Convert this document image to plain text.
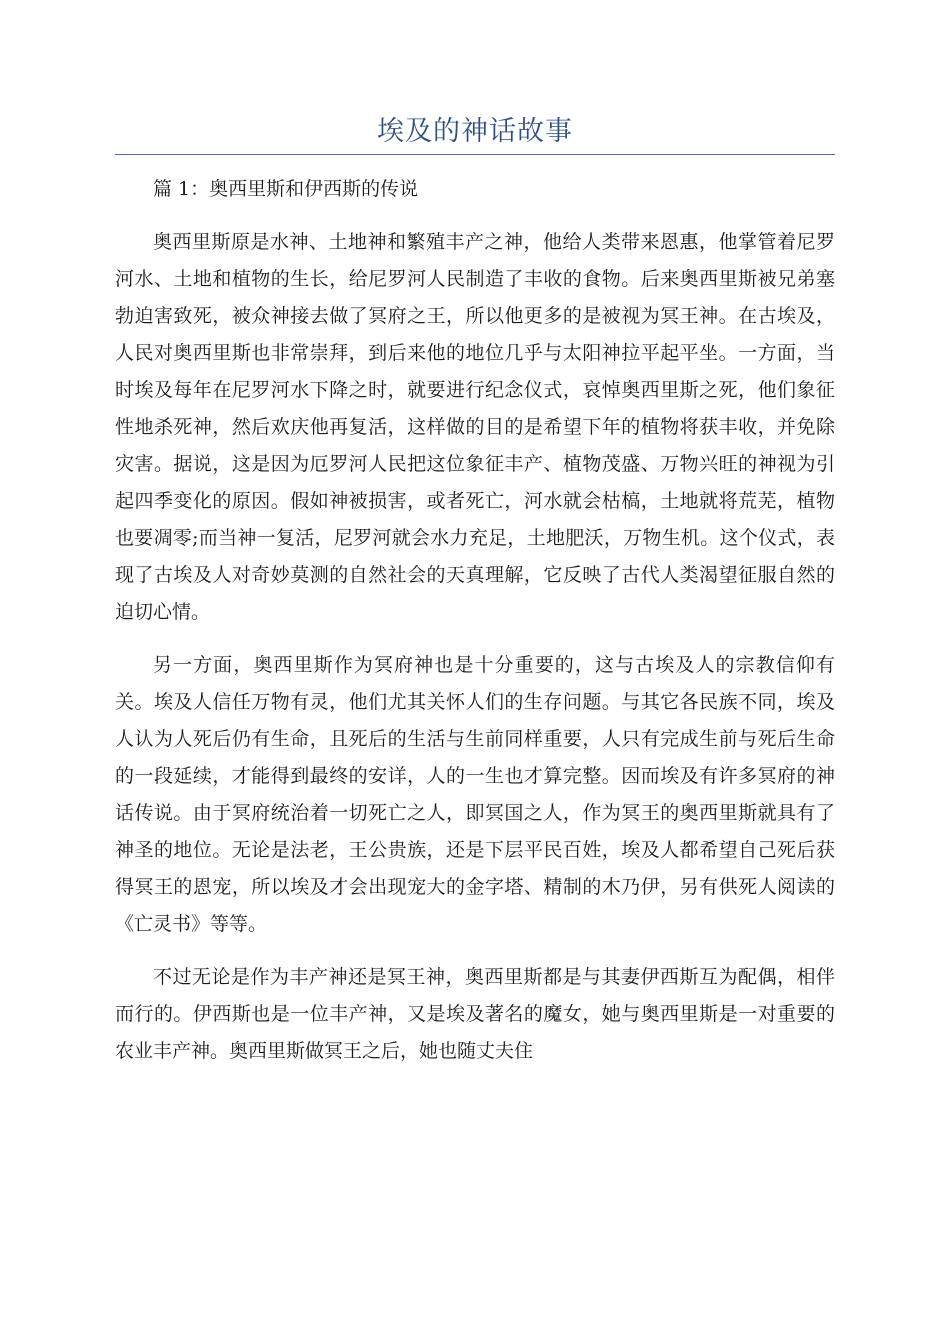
埃及的神话故事

篇 1：奥西里斯和伊西斯的传说

奥西里斯原是水神、土地神和繁殖丰产之神，他给人类带来恩惠，他掌管着尼罗河水、土地和植物的生长，给尼罗河人民制造了丰收的食物。后来奥西里斯被兄弟塞勃迫害致死，被众神接去做了冥府之王，所以他更多的是被视为冥王神。在古埃及，人民对奥西里斯也非常崇拜，到后来他的地位几乎与太阳神拉平起平坐。一方面，当时埃及每年在尼罗河水下降之时，就要进行纪念仪式，哀悼奥西里斯之死，他们象征性地杀死神，然后欢庆他再复活，这样做的目的是希望下年的植物将获丰收，并免除灾害。据说，这是因为厄罗河人民把这位象征丰产、植物茂盛、万物兴旺的神视为引起四季变化的原因。假如神被损害，或者死亡，河水就会枯槁，土地就将荒芜，植物也要凋零;而当神一复活，尼罗河就会水力充足，土地肥沃，万物生机。这个仪式，表现了古埃及人对奇妙莫测的自然社会的天真理解，它反映了古代人类渴望征服自然的迫切心情。

另一方面，奥西里斯作为冥府神也是十分重要的，这与古埃及人的宗教信仰有关。埃及人信任万物有灵，他们尤其关怀人们的生存问题。与其它各民族不同，埃及人认为人死后仍有生命，且死后的生活与生前同样重要，人只有完成生前与死后生命的一段延续，才能得到最终的安详，人的一生也才算完整。因而埃及有许多冥府的神话传说。由于冥府统治着一切死亡之人，即冥国之人，作为冥王的奥西里斯就具有了神圣的地位。无论是法老，王公贵族，还是下层平民百姓，埃及人都希望自己死后获得冥王的恩宠，所以埃及才会出现宠大的金字塔、精制的木乃伊，另有供死人阅读的《亡灵书》等等。

不过无论是作为丰产神还是冥王神，奥西里斯都是与其妻伊西斯互为配偶，相伴而行的。伊西斯也是一位丰产神，又是埃及著名的魔女，她与奥西里斯是一对重要的农业丰产神。奥西里斯做冥王之后，她也随丈夫住
